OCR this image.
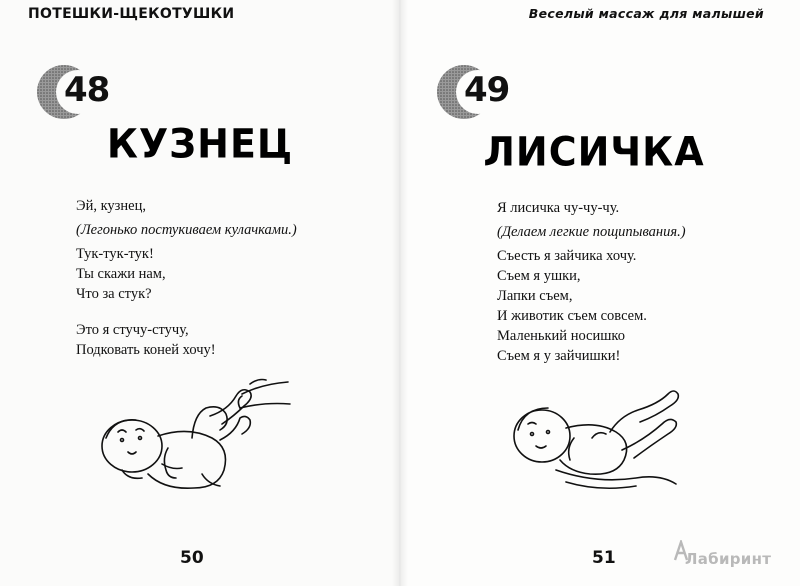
ПОТЕШКИ-ЩЕКОТУШКИ
48
КУЗНЕЦ
Эй, кузнец,
(Легонько постукиваем кулачками.)
Тук-тук-тук!
Ты скажи нам,
Что за стук?
Это я стучу-стучу,
Подковать коней хочу!
50
Веселый массаж для малышей
49
ЛИСИЧКА
Я лисичка чу-чу-чу.
(Делаем легкие пощипывания.)
Съесть я зайчика хочу.
Съем я ушки,
Лапки съем,
И животик съем совсем.
Маленький носишко
Съем я у зайчишки!
51	Лабиринт
